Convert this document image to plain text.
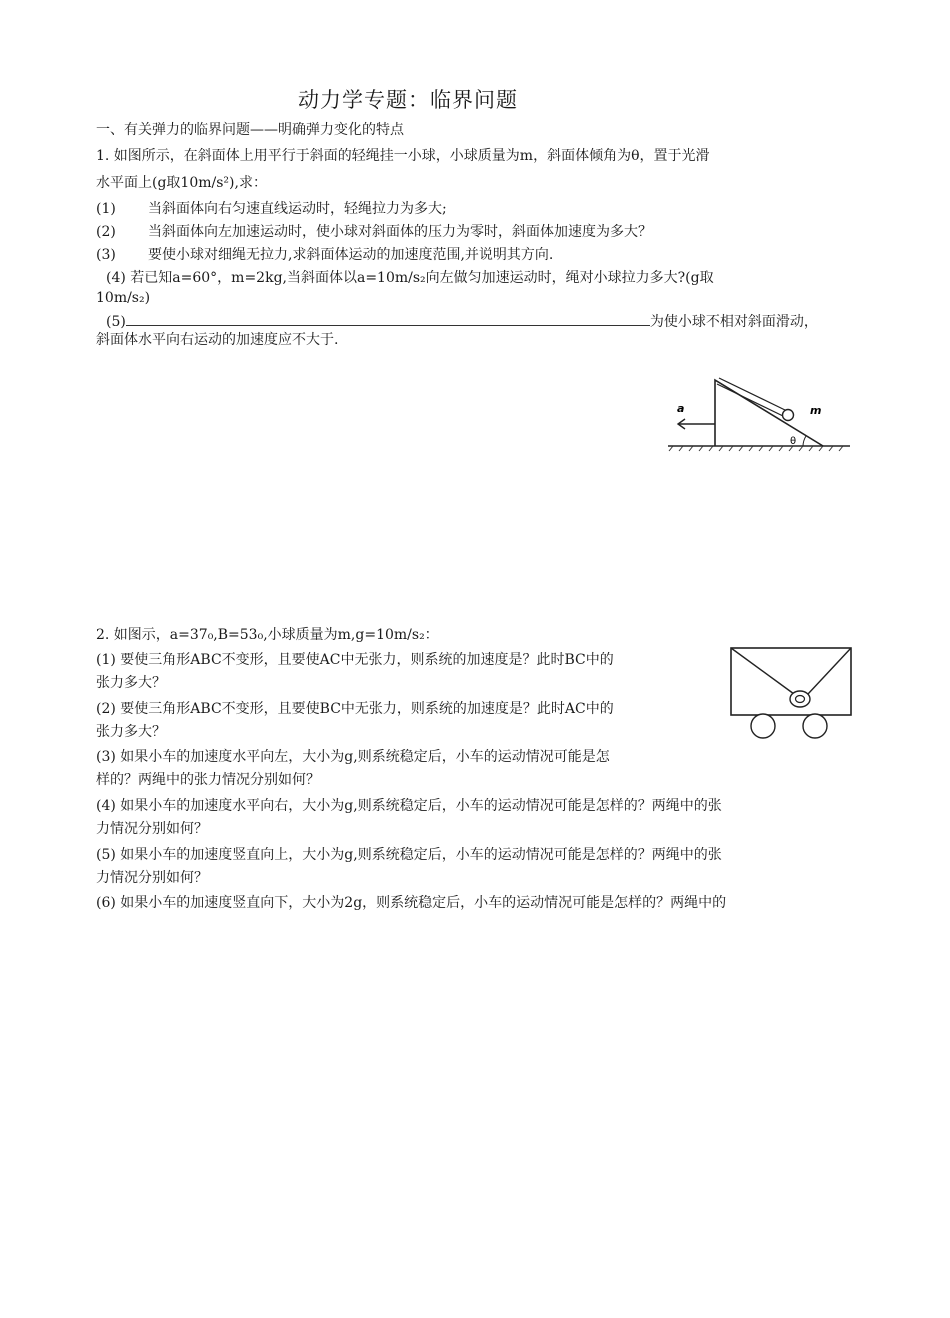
动力学专题：临界问题
一、有关弹力的临界问题——明确弹力变化的特点
1. 如图所示，在斜面体上用平行于斜面的轻绳挂一小球，小球质量为m，斜面体倾角为θ，置于光滑
水平面上(g取10m/s²),求：
(1) 当斜面体向右匀速直线运动时，轻绳拉力为多大;
(2) 当斜面体向左加速运动时，使小球对斜面体的压力为零时，斜面体加速度为多大？
(3) 要使小球对细绳无拉力,求斜面体运动的加速度范围,并说明其方向.
(4) 若已知a=60°，m=2kg,当斜面体以a=10m/s₂向左做匀加速运动时，绳对小球拉力多大?(g取
10m/s₂)
(5)	为使小球不相对斜面滑动，
斜面体水平向右运动的加速度应不大于.
a	m
θ
2. 如图示，a=37₀,B=53₀,小球质量为m,g=10m/s₂：
(1) 要使三角形ABC不变形，且要使AC中无张力，则系统的加速度是？此时BC中的
张力多大？
(2) 要使三角形ABC不变形，且要使BC中无张力，则系统的加速度是？此时AC中的
张力多大？
(3) 如果小车的加速度水平向左，大小为g,则系统稳定后，小车的运动情况可能是怎
样的？两绳中的张力情况分别如何？
(4) 如果小车的加速度水平向右，大小为g,则系统稳定后，小车的运动情况可能是怎样的？两绳中的张
力情况分别如何？
(5) 如果小车的加速度竖直向上，大小为g,则系统稳定后，小车的运动情况可能是怎样的？两绳中的张
力情况分别如何？
(6) 如果小车的加速度竖直向下，大小为2g，则系统稳定后，小车的运动情况可能是怎样的？两绳中的
